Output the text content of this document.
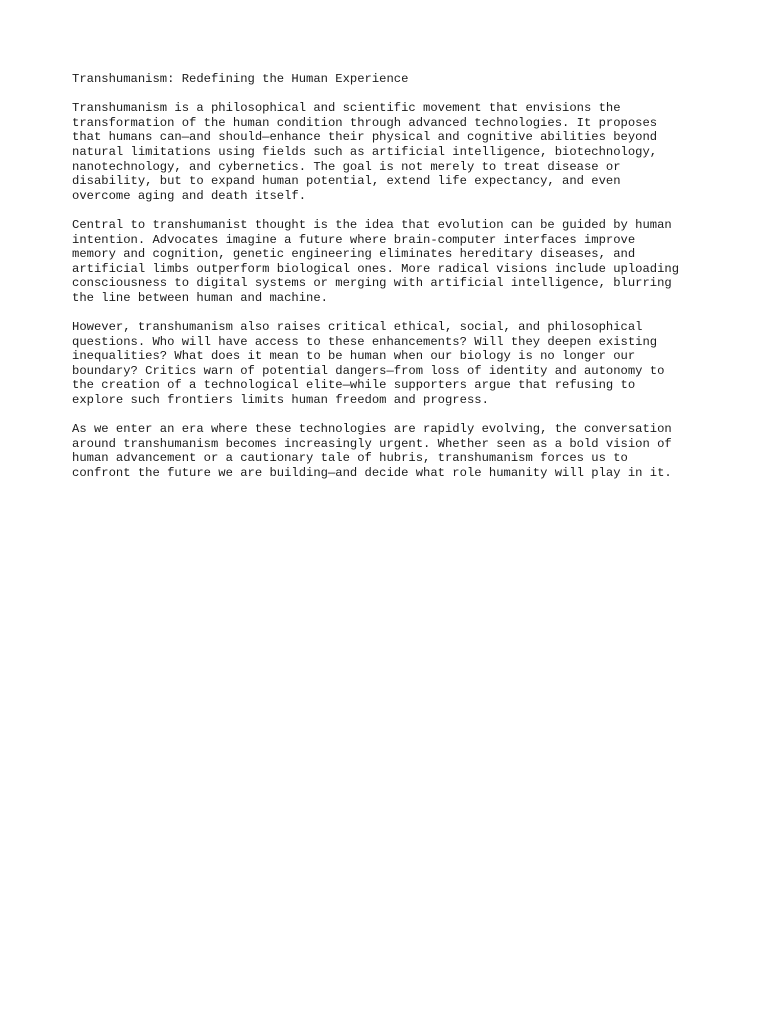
Transhumanism: Redefining the Human Experience
Transhumanism is a philosophical and scientific movement that envisions the
transformation of the human condition through advanced technologies. It proposes
that humans can—and should—enhance their physical and cognitive abilities beyond
natural limitations using fields such as artificial intelligence, biotechnology,
nanotechnology, and cybernetics. The goal is not merely to treat disease or
disability, but to expand human potential, extend life expectancy, and even
overcome aging and death itself.
Central to transhumanist thought is the idea that evolution can be guided by human
intention. Advocates imagine a future where brain-computer interfaces improve
memory and cognition, genetic engineering eliminates hereditary diseases, and
artificial limbs outperform biological ones. More radical visions include uploading
consciousness to digital systems or merging with artificial intelligence, blurring
the line between human and machine.
However, transhumanism also raises critical ethical, social, and philosophical
questions. Who will have access to these enhancements? Will they deepen existing
inequalities? What does it mean to be human when our biology is no longer our
boundary? Critics warn of potential dangers—from loss of identity and autonomy to
the creation of a technological elite—while supporters argue that refusing to
explore such frontiers limits human freedom and progress.
As we enter an era where these technologies are rapidly evolving, the conversation
around transhumanism becomes increasingly urgent. Whether seen as a bold vision of
human advancement or a cautionary tale of hubris, transhumanism forces us to
confront the future we are building—and decide what role humanity will play in it.
